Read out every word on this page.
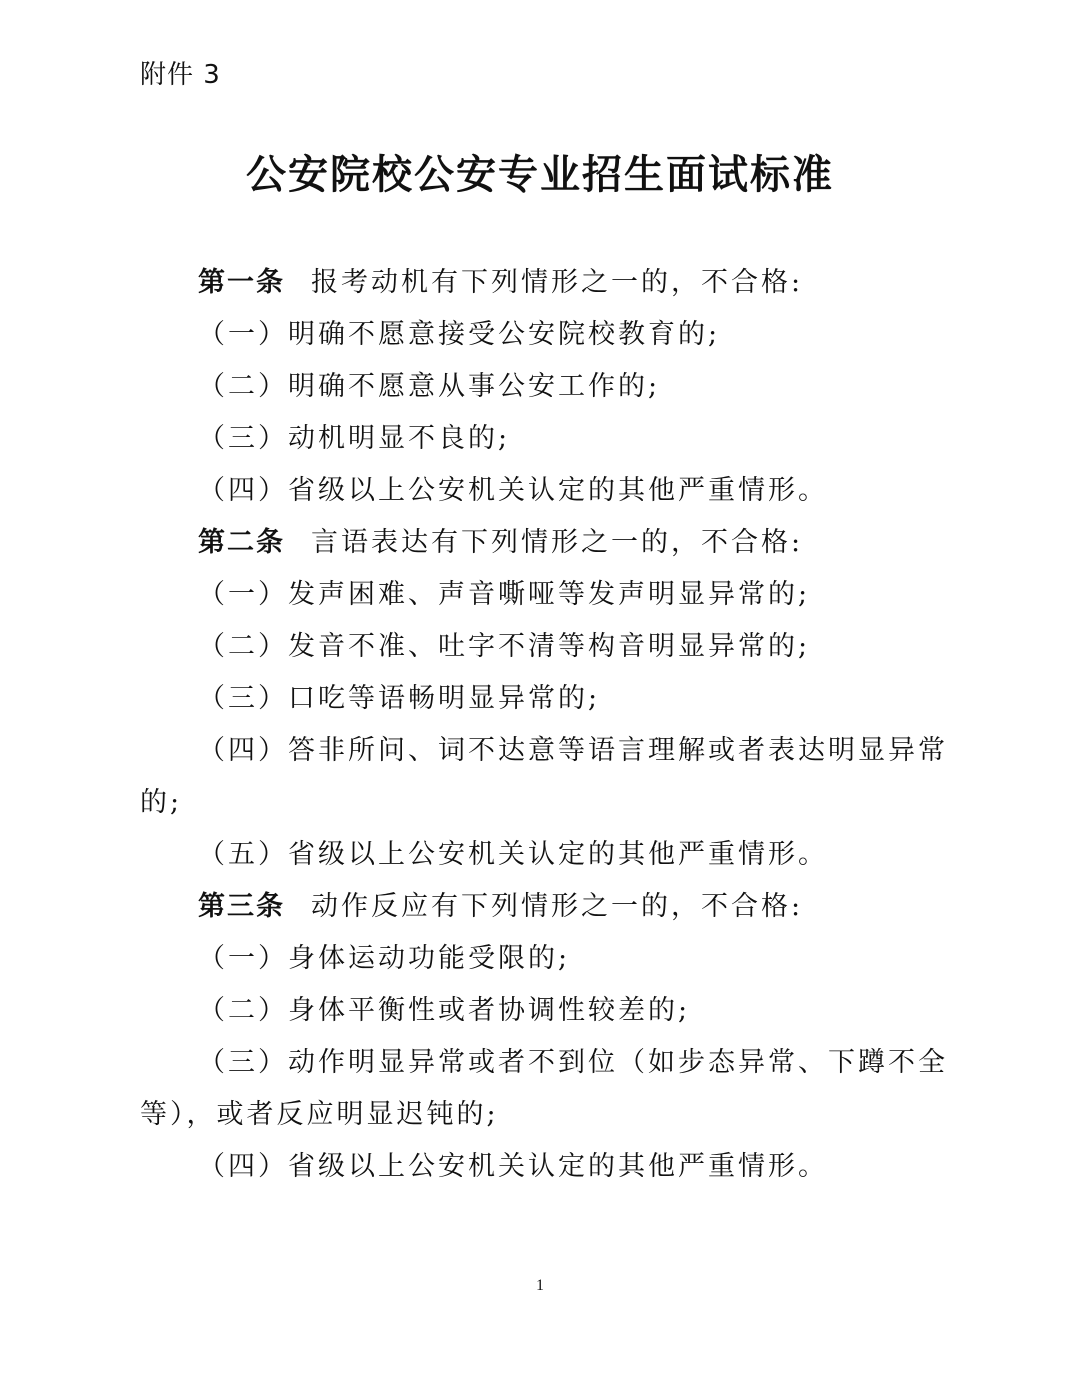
附件 3
公安院校公安专业招生面试标准
第一条 报考动机有下列情形之一的，不合格:
（一）明确不愿意接受公安院校教育的;
（二）明确不愿意从事公安工作的;
（三）动机明显不良的;
（四）省级以上公安机关认定的其他严重情形。
第二条 言语表达有下列情形之一的，不合格:
（一）发声困难、声音嘶哑等发声明显异常的;
（二）发音不准、吐字不清等构音明显异常的;
（三）口吃等语畅明显异常的;
（四）答非所问、词不达意等语言理解或者表达明显异常
的;
（五）省级以上公安机关认定的其他严重情形。
第三条 动作反应有下列情形之一的，不合格:
（一）身体运动功能受限的;
（二）身体平衡性或者协调性较差的;
（三）动作明显异常或者不到位（如步态异常、下蹲不全
等），或者反应明显迟钝的;
（四）省级以上公安机关认定的其他严重情形。
1
